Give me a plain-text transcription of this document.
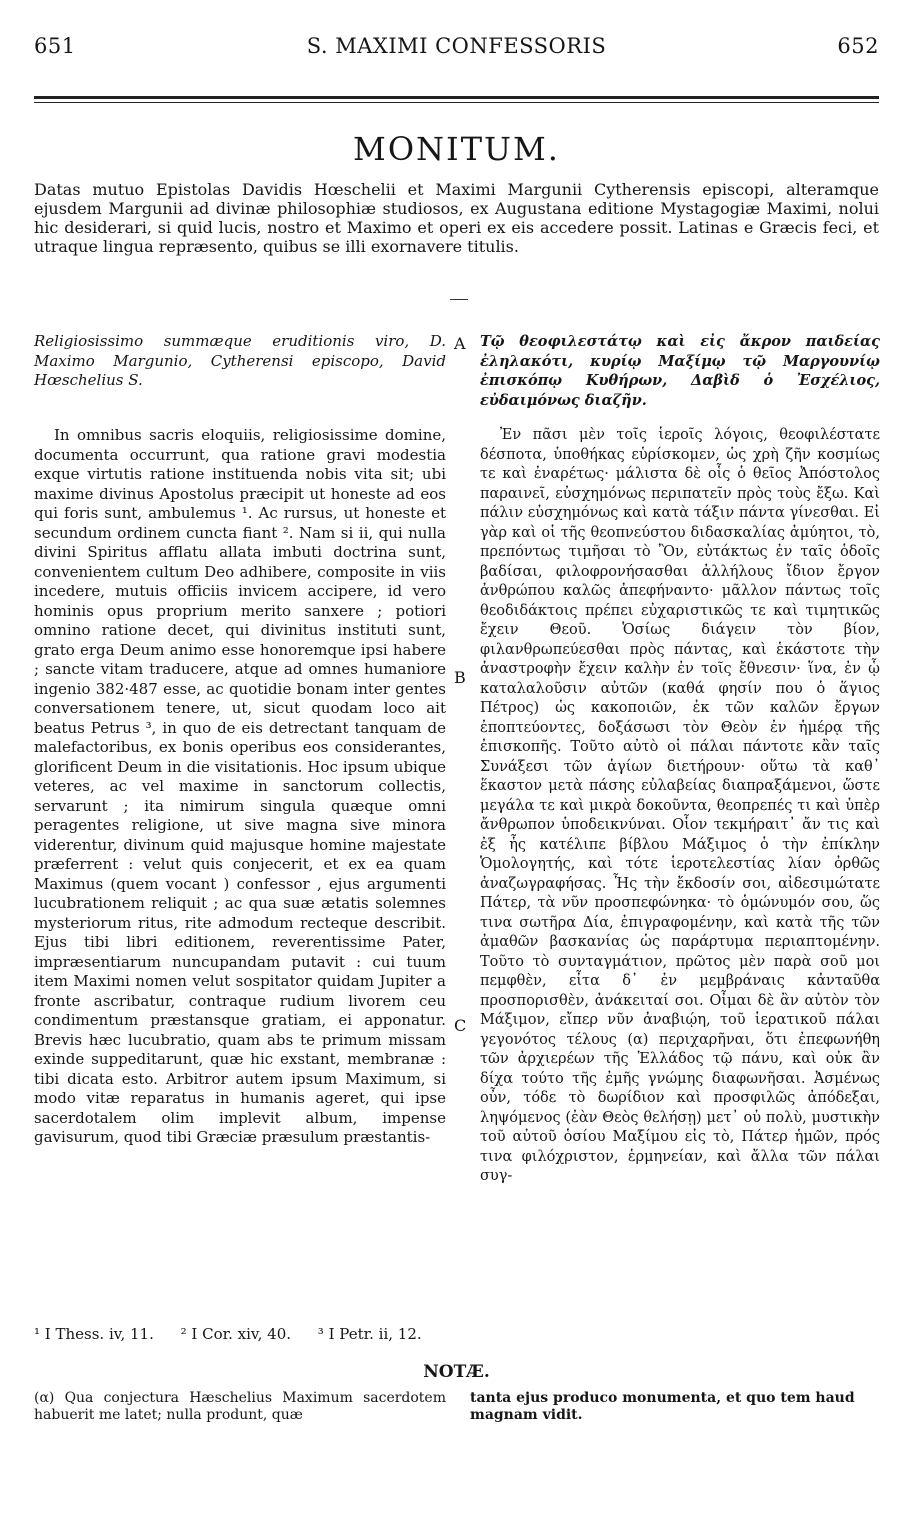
651	S. MAXIMI CONFESSORIS	652
MONITUM.

Datas mutuo Epistolas Davidis Hœschelii et Maximi Margunii Cytherensis episcopi, alteramque ejusdem Margunii ad divinæ philosophiæ studiosos, ex Augustana editione Mystagogiæ Maximi, nolui hic desiderari, si quid lucis, nostro et Maximo et operi ex eis accedere possit. Latinas e Græcis feci, et utraque lingua repræsento, quibus se illi exornavere titulis.

Religiosissimo summæque eruditionis viro, D. Maximo Margunio, Cytherensi episcopo, David Hœschelius S.

In omnibus sacris eloquiis, religiosissime domine, documenta occurrunt, qua ratione gravi modestia exque virtutis ratione instituenda nobis vita sit; ubi maxime divinus Apostolus præcipit ut honeste ad eos qui foris sunt, ambulemus ¹. Ac rursus, ut honeste et secundum ordinem cuncta fiant ². Nam si ii, qui nulla divini Spiritus afflatu allata imbuti doctrina sunt, convenientem cultum Deo adhibere, composite in viis incedere, mutuis officiis invicem accipere, id vero hominis opus proprium merito sanxere ; potiori omnino ratione decet, qui divinitus instituti sunt, grato erga Deum animo esse honoremque ipsi habere ; sancte vitam traducere, atque ad omnes humaniore ingenio 382·487 esse, ac quotidie bonam inter gentes conversationem tenere, ut, sicut quodam loco ait beatus Petrus ³, in quo de eis detrectant tanquam de malefactoribus, ex bonis operibus eos considerantes, glorificent Deum in die visitationis. Hoc ipsum ubique veteres, ac vel maxime in sanctorum collectis, servarunt ; ita nimirum singula quæque omni peragentes religione, ut sive magna sive minora viderentur, divinum quid majusque homine majestate præferrent : velut quis conjecerit, et ex ea quam Maximus (quem vocant ) confessor , ejus argumenti lucubrationem reliquit ; ac qua suæ ætatis solemnes mysteriorum ritus, rite admodum recteque describit. Ejus tibi libri editionem, reverentissime Pater, impræsentiarum nuncupandam putavit : cui tuum item Maximi nomen velut sospitator quidam Jupiter a fronte ascribatur, contraque rudium livorem ceu condimentum præstansque gratiam, ei apponatur. Brevis hæc lucubratio, quam abs te primum missam exinde suppeditarunt, quæ hic exstant, membranæ : tibi dicata esto. Arbitror autem ipsum Maximum, si modo vitæ reparatus in humanis ageret, qui ipse sacerdotalem olim implevit album, impense gavisurum, quod tibi Græciæ præsulum præstantis-

A
B
C

Τῷ θεοφιλεστάτῳ καὶ εἰς ἄκρον παιδείας ἐληλακότι, κυρίῳ Μαξίμῳ τῷ Μαργουνίῳ ἐπισκόπῳ Κυθήρων, Δαβὶδ ὁ Ἐσχέλιος, εὐδαιμόνως διαζῆν.

Ἐν πᾶσι μὲν τοῖς ἱεροῖς λόγοις, θεοφιλέστατε δέσποτα, ὑποθήκας εὑρίσκομεν, ὡς χρὴ ζῆν κοσμίως τε καὶ ἐναρέτως· μάλιστα δὲ οἷς ὁ θεῖος Ἀπόστολος παραινεῖ, εὐσχημόνως περιπατεῖν πρὸς τοὺς ἔξω. Καὶ πάλιν εὐσχημόνως καὶ κατὰ τάξιν πάντα γίνεσθαι. Εἰ γὰρ καὶ οἱ τῆς θεοπνεύστου διδασκαλίας ἀμύητοι, τὸ, πρεπόντως τιμῆσαι τὸ Ὂν, εὐτάκτως ἐν ταῖς ὁδοῖς βαδίσαι, φιλοφρονήσασθαι ἀλλήλους ἴδιον ἔργον ἀνθρώπου καλῶς ἀπεφήναντο· μᾶλλον πάντως τοῖς θεοδιδάκτοις πρέπει εὐχαριστικῶς τε καὶ τιμητικῶς ἔχειν Θεοῦ. Ὁσίως διάγειν τὸν βίον, φιλανθρωπεύεσθαι πρὸς πάντας, καὶ ἑκάστοτε τὴν ἀναστροφὴν ἔχειν καλὴν ἐν τοῖς ἔθνεσιν· ἵνα, ἐν ᾧ καταλαλοῦσιν αὐτῶν (καθά φησίν που ὁ ἅγιος Πέτρος) ὡς κακοποιῶν, ἐκ τῶν καλῶν ἔργων ἐποπτεύοντες, δοξάσωσι τὸν Θεὸν ἐν ἡμέρᾳ τῆς ἐπισκοπῆς. Τοῦτο αὐτὸ οἱ πάλαι πάντοτε κἂν ταῖς Συνάξεσι τῶν ἁγίων διετήρουν· οὕτω τὰ καθ᾿ ἕκαστον μετὰ πάσης εὐλαβείας διαπραξάμενοι, ὥστε μεγάλα τε καὶ μικρὰ δοκοῦντα, θεοπρεπές τι καὶ ὑπὲρ ἄνθρωπον ὑποδεικνύναι. Οἷον τεκμήραιτ᾿ ἄν τις καὶ ἐξ ἧς κατέλιπε βίβλου Μάξιμος ὁ τὴν ἐπίκλην Ὁμολογητής, καὶ τότε ἱεροτελεστίας λίαν ὀρθῶς ἀναζωγραφήσας. Ἧς τὴν ἔκδοσίν σοι, αἰδεσιμώτατε Πάτερ, τὰ νῦν προσπεφώνηκα· τὸ ὁμώνυμόν σου, ὥς τινα σωτῆρα Δία, ἐπιγραφομένην, καὶ κατὰ τῆς τῶν ἀμαθῶν βασκανίας ὡς παράρτυμα περιαπτομένην. Τοῦτο τὸ συνταγμάτιον, πρῶτος μὲν παρὰ σοῦ μοι πεμφθὲν, εἶτα δ᾿ ἐν μεμβράναις κἀνταῦθα προσπορισθὲν, ἀνάκειταί σοι. Οἶμαι δὲ ἂν αὐτὸν τὸν Μάξιμον, εἴπερ νῦν ἀναβιῴη, τοῦ ἱερατικοῦ πάλαι γεγονότος τέλους (α) περιχαρῆναι, ὅτι ἐπεφωνήθη τῶν ἀρχιερέων τῆς Ἑλλάδος τῷ πάνυ, καὶ οὐκ ἂν δίχα τούτο τῆς ἐμῆς γνώμης διαφωνῆσαι. Ἀσμένως οὖν, τόδε τὸ δωρίδιον καὶ προσφιλῶς ἀπόδεξαι, ληψόμενος (ἐὰν Θεὸς θελήσῃ) μετ᾿ οὐ πολὺ, μυστικὴν τοῦ αὐτοῦ ὁσίου Μαξίμου εἰς τὸ, Πάτερ ἡμῶν, πρός τινα φιλόχριστον, ἑρμηνείαν, καὶ ἄλλα τῶν πάλαι συγ-

¹ I Thess. iv, 11. ² I Cor. xiv, 40. ³ I Petr. ii, 12.
NOTÆ.

(α) Qua conjectura Hæschelius Maximum sacerdotem habuerit me latet; nulla produnt, quæ

tanta ejus produco monumenta, et quo tem haud magnam vidit.
